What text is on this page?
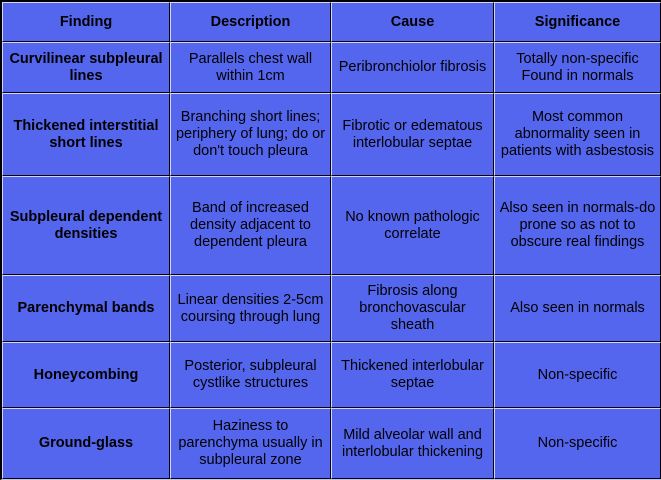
Finding	Description	Cause	Significance
Curvilinear subpleural lines	Parallels chest wall within 1cm	Peribronchiolor fibrosis	Totally non-specific Found in normals
Thickened interstitial short lines	Branching short lines; periphery of lung; do or don't touch pleura	Fibrotic or edematous interlobular septae	Most common abnormality seen in patients with asbestosis
Subpleural dependent densities	Band of increased density adjacent to dependent pleura	No known pathologic correlate	Also seen in normals-do prone so as not to obscure real findings
Parenchymal bands	Linear densities 2-5cm coursing through lung	Fibrosis along bronchovascular sheath	Also seen in normals
Honeycombing	Posterior, subpleural cystlike structures	Thickened interlobular septae	Non-specific
Ground-glass	Haziness to parenchyma usually in subpleural zone	Mild alveolar wall and interlobular thickening	Non-specific
